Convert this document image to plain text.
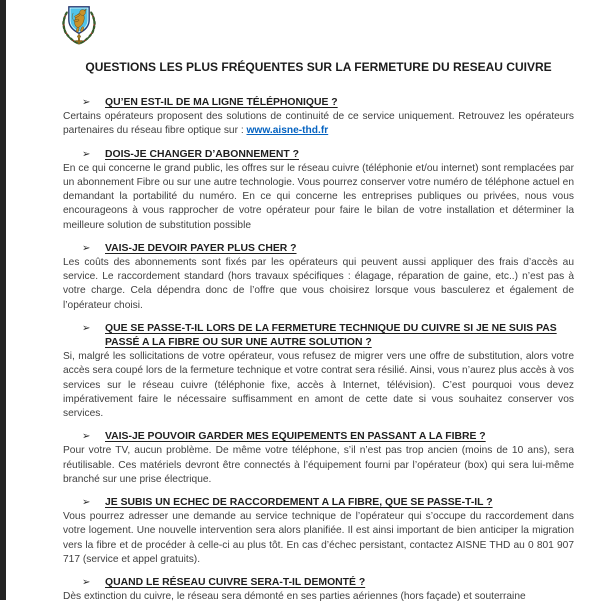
QUESTIONS LES PLUS FRÉQUENTES SUR LA FERMETURE DU RESEAU CUIVRE
➢ QU’EN EST-IL DE MA LIGNE TÉLÉPHONIQUE ?

Certains opérateurs proposent des solutions de continuité de ce service uniquement. Retrouvez les opérateurs partenaires du réseau fibre optique sur : www.aisne-thd.fr

➢ DOIS-JE CHANGER D’ABONNEMENT ?

En ce qui concerne le grand public, les offres sur le réseau cuivre (téléphonie et/ou internet) sont remplacées par un abonnement Fibre ou sur une autre technologie. Vous pourrez conserver votre numéro de téléphone actuel en demandant la portabilité du numéro. En ce qui concerne les entreprises publiques ou privées, nous vous encourageons à vous rapprocher de votre opérateur pour faire le bilan de votre installation et déterminer la meilleure solution de substitution possible

➢ VAIS-JE DEVOIR PAYER PLUS CHER ?

Les coûts des abonnements sont fixés par les opérateurs qui peuvent aussi appliquer des frais d’accès au service. Le raccordement standard (hors travaux spécifiques : élagage, réparation de gaine, etc..) n’est pas à votre charge. Cela dépendra donc de l’offre que vous choisirez lorsque vous basculerez et également de l’opérateur choisi.

➢ QUE SE PASSE-T-IL LORS DE LA FERMETURE TECHNIQUE DU CUIVRE SI JE NE SUIS PAS PASSÉ A LA FIBRE OU SUR UNE AUTRE SOLUTION ?

Si, malgré les sollicitations de votre opérateur, vous refusez de migrer vers une offre de substitution, alors votre accès sera coupé lors de la fermeture technique et votre contrat sera résilié. Ainsi, vous n’aurez plus accès à vos services sur le réseau cuivre (téléphonie fixe, accès à Internet, télévision). C’est pourquoi vous devez impérativement faire le nécessaire suffisamment en amont de cette date si vous souhaitez conserver vos services.

➢ VAIS-JE POUVOIR GARDER MES EQUIPEMENTS EN PASSANT A LA FIBRE ?

Pour votre TV, aucun problème. De même votre téléphone, s’il n’est pas trop ancien (moins de 10 ans), sera réutilisable. Ces matériels devront être connectés à l’équipement fourni par l’opérateur (box) qui sera lui-même branché sur une prise électrique.

➢ JE SUBIS UN ECHEC DE RACCORDEMENT A LA FIBRE, QUE SE PASSE-T-IL ?

Vous pourrez adresser une demande au service technique de l’opérateur qui s’occupe du raccordement dans votre logement. Une nouvelle intervention sera alors planifiée. Il est ainsi important de bien anticiper la migration vers la fibre et de procéder à celle-ci au plus tôt. En cas d’échec persistant, contactez AISNE THD au 0 801 907 717 (service et appel gratuits).

➢ QUAND LE RÉSEAU CUIVRE SERA-T-IL DEMONTÉ ?

Dès extinction du cuivre, le réseau sera démonté en ses parties aériennes (hors façade) et souterraine
